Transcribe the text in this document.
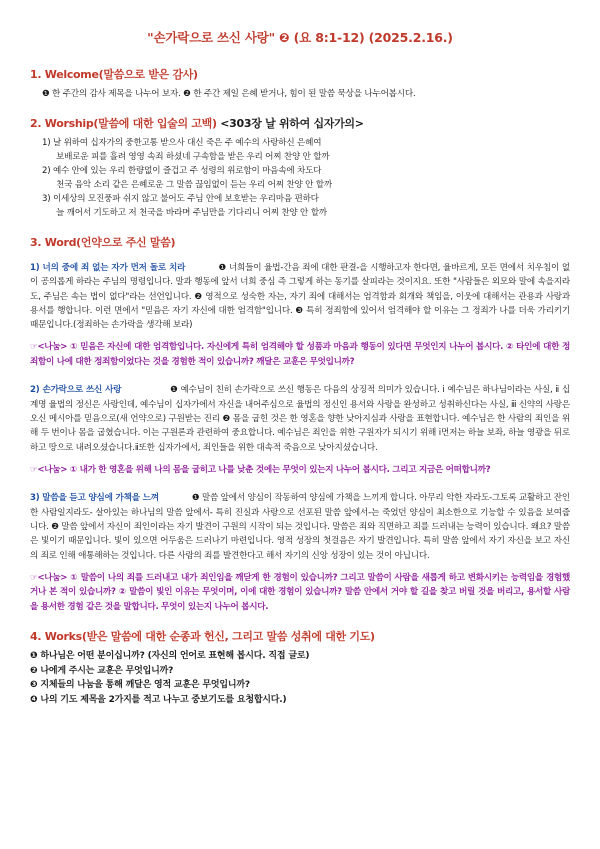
"손가락으로 쓰신 사랑" ❷ (요 8:1-12) (2025.2.16.)
1. Welcome(말씀으로 받은 감사)

❶ 한 주간의 감사 제목을 나누어 보자. ❷ 한 주간 제일 은혜 받거나, 힘이 된 말씀 묵상을 나누어봅시다.

2. Worship(말씀에 대한 입술의 고백) <303장 날 위하여 십자가의>

1) 날 위하여 십자가의 중한고통 받으사 대신 죽은 주 예수의 사랑하신 은혜여

보배로운 피를 흘려 영영 속죄 하셨네 구속함을 받은 우리 어찌 찬양 안 할까

2) 예수 안에 있는 우리 한량없이 즐겁고 주 성령의 위로함이 마음속에 차도다

천국 음악 소리 같은 은혜로운 그 말씀 끊임없이 듣는 우리 어찌 찬양 안 할까

3) 이세상의 모진풍파 쉬지 않고 불어도 주님 안에 보호받는 우리마음 편하다

늘 깨어서 기도하고 저 천국을 바라며 주님만을 기다리니 어찌 찬양 안 할까

3. Word(언약으로 주신 말씀)

1) 너의 중에 죄 없는 자가 먼저 돌로 치라	❶ 너희들이 율법-간음 죄에 대한 판결-을 시행하고자 한다면, 율바르게, 모든 면에서 치우침이 없이 공의롭게 하라는 주님의 명령입니다. 말과 행동에 앞서 너희 중심 즉 그렇게 하는 동기를 살피라는 것이지요. 또한 "사람들은 외모와 말에 속을지라도, 주님은 속는 법이 없다"라는 선언입니다. ❷ 영적으로 성숙한 자는, 자기 죄에 대해서는 엄격함과 회개와 책임을, 이웃에 대해서는 관용과 사랑과 용서를 행합니다. 이런 면에서 "믿음은 자기 자신에 대한 엄격함"입니다. ❸ 특히 정죄함에 있어서 엄격해야 할 이유는 그 정죄가 나를 더욱 가리키기 때문입니다.(정죄하는 손가락을 생각해 보라)

☞<나눔> ① 믿음은 자신에 대한 엄격함입니다. 자신에게 특히 엄격해야 할 성품과 마음과 행동이 있다면 무엇인지 나누어 봅시다. ② 타인에 대한 정죄함이 나에 대한 정죄함이었다는 것을 경험한 적이 있습니까? 깨달은 교훈은 무엇입니까?

2) 손가락으로 쓰신 사랑	❶ 예수님이 친히 손가락으로 쓰신 행동은 다음의 상징적 의미가 있습니다. ⅰ 예수님은 하나님이라는 사실, ⅱ 십계명 율법의 정신은 사랑인데, 예수님이 십자가에서 자신을 내어주심으로 율법의 정신인 용서와 사랑을 완성하고 성취하신다는 사실, ⅲ 신약의 사랑은 오신 메시아를 믿음으로(새 언약으로) 구원받는 진리 ❷ 몸을 굽힌 것은 한 영혼을 향한 낮아지심과 사랑을 표현합니다. 예수님은 한 사람의 죄인을 위해 두 번이나 몸을 굽혔습니다. 이는 구원론과 관련하여 중요합니다. 예수님은 죄인을 위한 구원자가 되시기 위해 ⅰ먼저는 하늘 보좌, 하늘 영광을 뒤로하고 땅으로 내려오셨습니다.ⅱ또한 십자가에서, 죄인들을 위한 대속적 죽음으로 낮아지셨습니다.

☞<나눔> ① 내가 한 영혼을 위해 나의 몸을 굽히고 나를 낮춘 것에는 무엇이 있는지 나누어 봅시다. 그리고 지금은 어떠합니까?

3) 말씀을 듣고 양심에 가책을 느껴	❶ 말씀 앞에서 양심이 작동하여 양심에 가책을 느끼게 합니다. 아무리 악한 자라도-그토록 교활하고 잔인한 사람일지라도- 살아있는 하나님의 말씀 앞에서- 특히 진실과 사랑으로 선포된 말씀 앞에서-는 죽었던 양심이 최소한으로 기능할 수 있음을 보여줍니다. ❷ 말씀 앞에서 자신이 죄인이라는 자기 발견이 구원의 시작이 되는 것입니다. 말씀은 죄와 직면하고 죄를 드러내는 능력이 있습니다. 왜요? 말씀은 빛이기 때문입니다. 빛이 있으면 어두움은 드러나기 마련입니다. 영적 성장의 첫걸음은 자기 발견입니다. 특히 말씀 앞에서 자기 자신을 보고 자신의 죄로 인해 애통해하는 것입니다. 다른 사람의 죄를 발견한다고 해서 자기의 신앙 성장이 있는 것이 아닙니다.

☞<나눔> ① 말씀이 나의 죄를 드러내고 내가 죄인임을 깨닫게 한 경험이 있습니까? 그리고 말씀이 사람을 새롭게 하고 변화시키는 능력임을 경험했거나 본 적이 있습니까? ② 말씀이 빛인 이유는 무엇이며, 이에 대한 경험이 있습니까? 말씀 안에서 거야 할 길을 찾고 버릴 것을 버리고, 용서할 사람을 용서한 경험 같은 것을 말합니다. 무엇이 있는지 나누어 봅시다.

4. Works(받은 말씀에 대한 순종과 헌신, 그리고 말씀 성취에 대한 기도)

❶ 하나님은 어떤 분이십니까? (자신의 언어로 표현해 봅시다. 직접 글로)

❷ 나에게 주시는 교훈은 무엇입니까?

❸ 지체들의 나눔을 통해 깨달은 영적 교훈은 무엇입니까?

❹ 나의 기도 제목을 2가지를 적고 나누고 중보기도를 요청합시다.)
